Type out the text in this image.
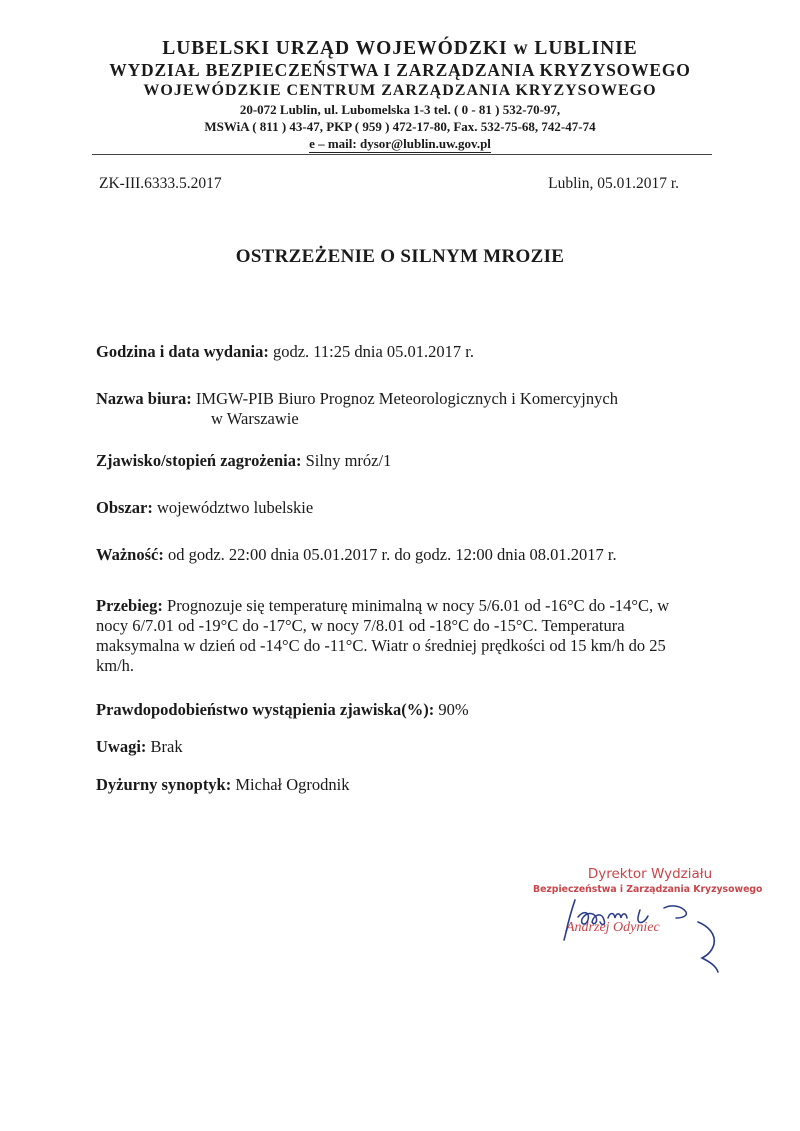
LUBELSKI URZĄD WOJEWÓDZKI w LUBLINIE
WYDZIAŁ BEZPIECZEŃSTWA I ZARZĄDZANIA KRYZYSOWEGO
WOJEWÓDZKIE CENTRUM ZARZĄDZANIA KRYZYSOWEGO
20-072 Lublin, ul. Lubomelska 1-3 tel. ( 0 - 81 ) 532-70-97,
MSWiA ( 811 ) 43-47, PKP ( 959 ) 472-17-80, Fax. 532-75-68, 742-47-74
e – mail: dysor@lublin.uw.gov.pl
ZK-III.6333.5.2017	Lublin, 05.01.2017 r.
OSTRZEŻENIE O SILNYM MROZIE
Godzina i data wydania: godz. 11:25 dnia 05.01.2017 r.
Nazwa biura: IMGW-PIB Biuro Prognoz Meteorologicznych i Komercyjnych
w Warszawie
Zjawisko/stopień zagrożenia: Silny mróz/1
Obszar: województwo lubelskie
Ważność: od godz. 22:00 dnia 05.01.2017 r. do godz. 12:00 dnia 08.01.2017 r.
Przebieg: Prognozuje się temperaturę minimalną w nocy 5/6.01 od -16°C do -14°C, w nocy 6/7.01 od -19°C do -17°C, w nocy 7/8.01 od -18°C do -15°C. Temperatura maksymalna w dzień od -14°C do -11°C. Wiatr o średniej prędkości od 15 km/h do 25 km/h.
Prawdopodobieństwo wystąpienia zjawiska(%): 90%
Uwagi: Brak
Dyżurny synoptyk: Michał Ogrodnik
Dyrektor Wydziału
Bezpieczeństwa i Zarządzania Kryzysowego
Andrzej Odyniec
